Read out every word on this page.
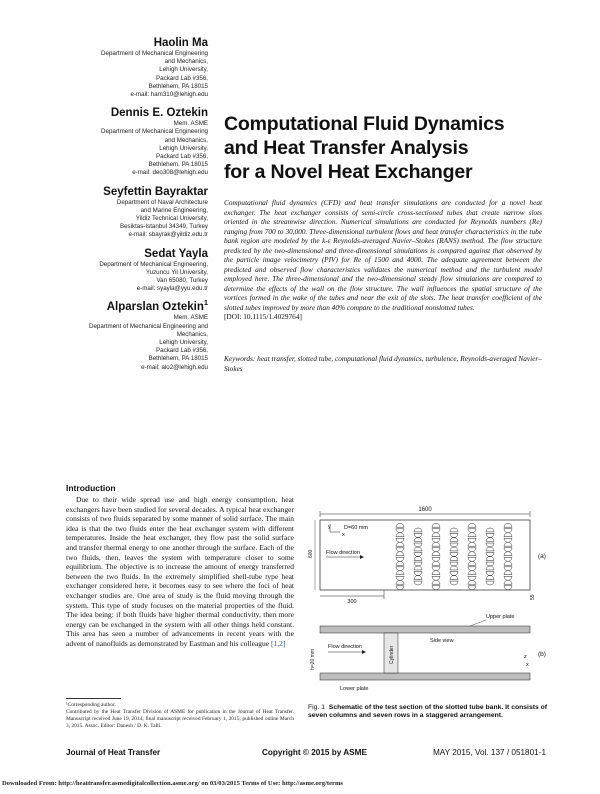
Haolin Ma
Department of Mechanical Engineering
and Mechanics,
Lehigh University,
Packard Lab #356,
Bethlehem, PA 18015
e-mail: ham310@lehigh.edu
Dennis E. Oztekin
Mem. ASME
Department of Mechanical Engineering
and Mechanics,
Lehigh University,
Packard Lab #356,
Bethlehem, PA 18015
e-mail: deo308@lehigh.edu
Seyfettin Bayraktar
Department of Naval Architecture
and Marine Engineering,
Yildiz Technical University,
Besiktas-Istanbul 34349, Turkey
e-mail: sbayrak@yildiz.edu.tr
Sedat Yayla
Department of Mechanical Engineering,
Yuzuncu Yil University,
Van 65080, Turkey
e-mail: syayla@yyu.edu.tr
Alparslan Oztekin$^1$
Mem. ASME
Department of Mechanical Engineering and
Mechanics,
Lehigh University,
Packard Lab #356,
Bethlehem, PA 18015
e-mail: alo2@lehigh.edu
Computational Fluid Dynamics
and Heat Transfer Analysis
for a Novel Heat Exchanger
Computational fluid dynamics (CFD) and heat transfer simulations are conducted for a novel heat exchanger. The heat exchanger consists of semi-circle cross-sectioned tubes that create narrow slots oriented in the streamwise direction. Numerical simulations are conducted for Reynolds numbers (Re) ranging from 700 to 30,000. Three-dimensional turbulent flows and heat transfer characteristics in the tube bank region are modeled by the k-ε Reynolds-averaged Navier–Stokes (RANS) method. The flow structure predicted by the two-dimensional and three-dimensional simulations is compared against that observed by the particle image velocimetry (PIV) for Re of 1500 and 4000. The adequate agreement between the predicted and observed flow characteristics validates the numerical method and the turbulent model employed here. The three-dimensional and the two-dimensional steady flow simulations are compared to determine the effects of the wall on the flow structure. The wall influences the spatial structure of the vortices formed in the wake of the tubes and near the exit of the slots. The heat transfer coefficient of the slotted tubes improved by more than 40% compare to the traditional nonslotted tubes.
[DOI: 10.1115/1.4029764]
Keywords: heat transfer, slotted tube, computational fluid dynamics, turbulence, Reynolds-averaged Navier–Stokes
Introduction
Due to their wide spread use and high energy consumption, heat exchangers have been studied for several decades. A typical heat exchanger consists of two fluids separated by some manner of solid surface. The main idea is that the two fluids enter the heat exchanger system with different temperatures. Inside the heat exchanger, they flow past the solid surface and transfer thermal energy to one another through the surface. Each of the two fluids, then, leaves the system with temperature closer to some equilibrium. The objective is to increase the amount of energy transferred between the two fluids. In the extremely simplified shell-tube type heat exchanger considered here, it becomes easy to see where the foci of heat exchanger studies are. One area of study is the fluid moving through the system. This type of study focuses on the material properties of the fluid. The idea being: if both fluids have higher thermal conductivity, then more energy can be exchanged in the system with all other things held constant. This area has seen a number of advancements in recent years with the advent of nanofluids as demonstrated by Eastman and his colleague [1,2]

¹Corresponding author.

Contributed by the Heat Transfer Division of ASME for publication in the Journal of Heat Transfer. Manuscript received June 19, 2014; final manuscript received February 1, 2015; published online March 3, 2015. Assoc. Editor: Danesh / D. K. Tafti.

1600
y
x
D=60 mm
Flow direction
600	(a)
300
55
Upper plate
Side view
Flow direction	Cylinder
h=20 mm	z
x
(b)
Lower plate
Fig. 1 Schematic of the test section of the slotted tube bank. It consists of seven columns and seven rows in a staggered arrangement.
Journal of Heat Transfer	Copyright © 2015 by ASME	MAY 2015, Vol. 137 / 051801-1
Downloaded From: http://heattransfer.asmedigitalcollection.asme.org/ on 03/03/2015 Terms of Use: http://asme.org/terms
